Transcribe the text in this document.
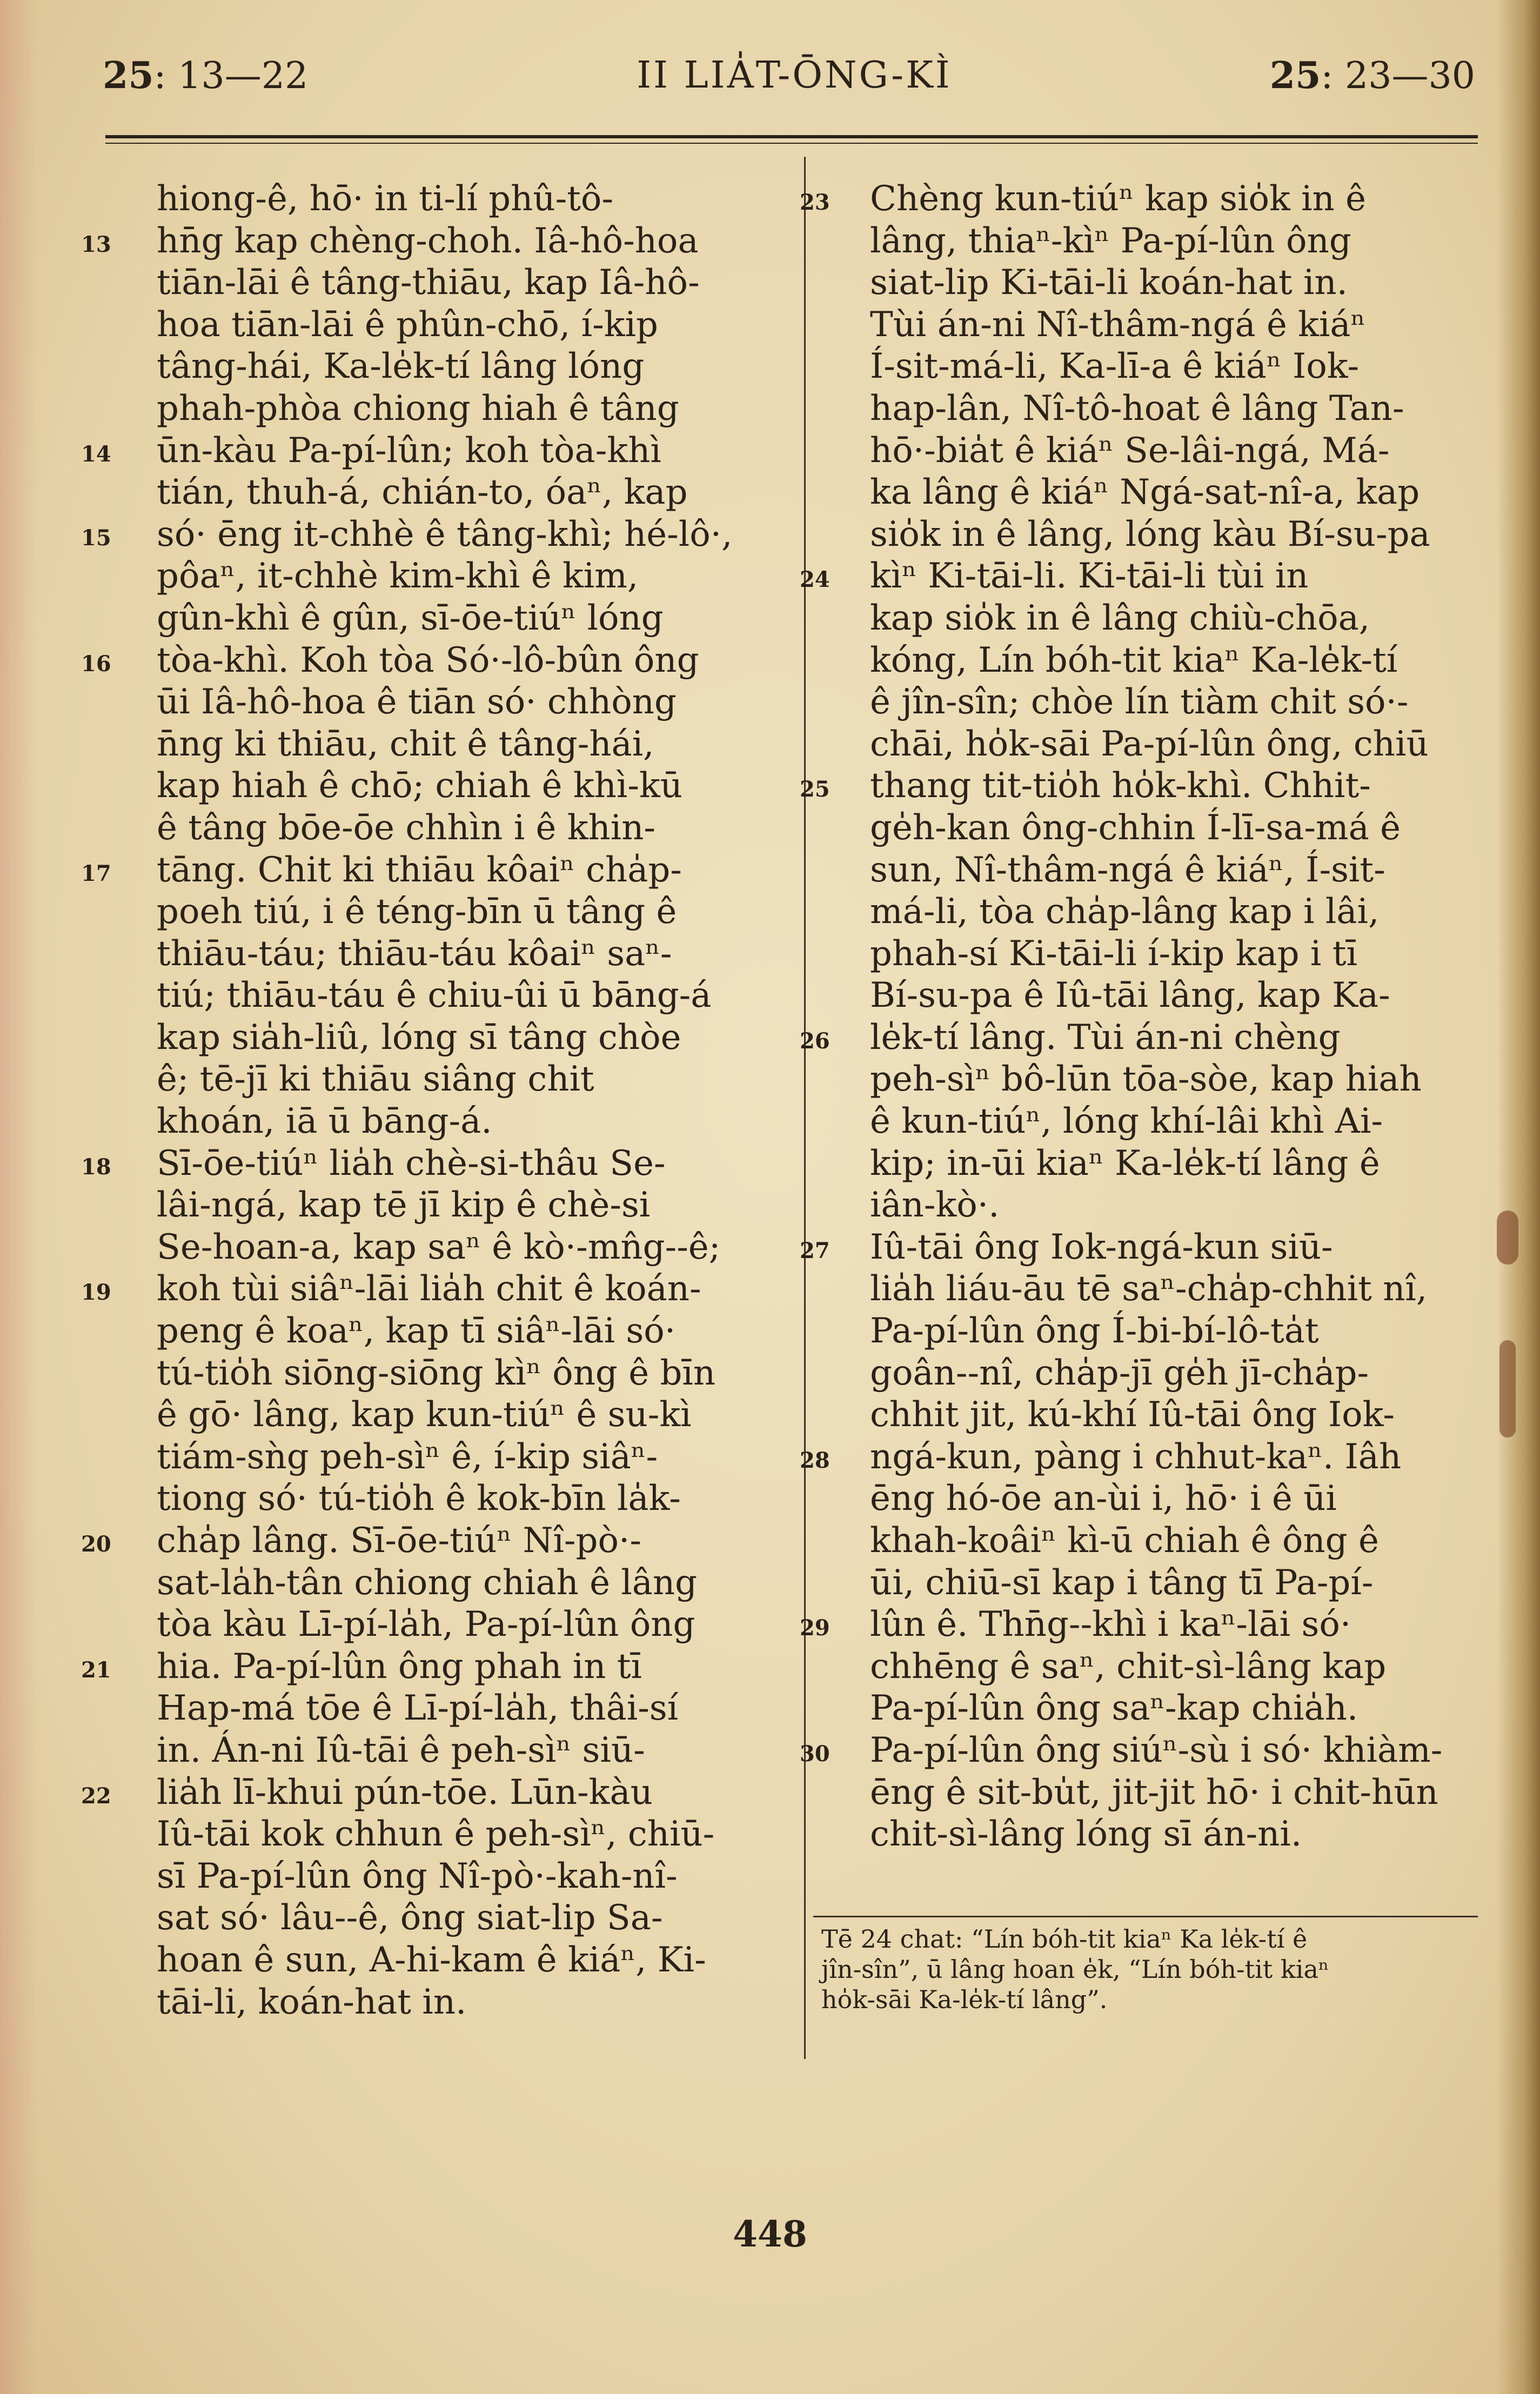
25: 13—22	II LIA̍T-ŌNG-KÌ	25: 23—30
hiong-ê, hō· in ti-lí phû-tô-
13 hn̄g kap chèng-choh. Iâ-hô-hoa
tiān-lāi ê tâng-thiāu, kap Iâ-hô-
hoa tiān-lāi ê phûn-chō, í-kip
tâng-hái, Ka-le̍k-tí lâng lóng
phah-phòa chiong hiah ê tâng
14 ūn-kàu Pa-pí-lûn; koh tòa-khì
tián, thuh-á, chián-to, óaⁿ, kap
15 só· ēng it-chhè ê tâng-khì; hé-lô·,
pôaⁿ, it-chhè kim-khì ê kim,
gûn-khì ê gûn, sī-ōe-tiúⁿ lóng
16 tòa-khì. Koh tòa Só·-lô-bûn ông
ūi Iâ-hô-hoa ê tiān só· chhòng
n̄ng ki thiāu, chit ê tâng-hái,
kap hiah ê chō; chiah ê khì-kū
ê tâng bōe-ōe chhìn i ê khin-
17 tāng. Chit ki thiāu kôaiⁿ cha̍p-
poeh tiú, i ê téng-bīn ū tâng ê
thiāu-táu; thiāu-táu kôaiⁿ saⁿ-
tiú; thiāu-táu ê chiu-ûi ū bāng-á
kap sia̍h-liû, lóng sī tâng chòe
ê; tē-jī ki thiāu siâng chit
khoán, iā ū bāng-á.
18 Sī-ōe-tiúⁿ lia̍h chè-si-thâu Se-
lâi-ngá, kap tē jī kip ê chè-si
Se-hoan-a, kap saⁿ ê kò·-mn̂g--ê;
19 koh tùi siâⁿ-lāi lia̍h chit ê koán-
peng ê koaⁿ, kap tī siâⁿ-lāi só·
tú-tio̍h siōng-siōng kìⁿ ông ê bīn
ê gō· lâng, kap kun-tiúⁿ ê su-kì
tiám-sǹg peh-sìⁿ ê, í-kip siâⁿ-
tiong só· tú-tio̍h ê kok-bīn la̍k-
20 cha̍p lâng. Sī-ōe-tiúⁿ Nî-pò·-
sat-la̍h-tân chiong chiah ê lâng
tòa kàu Lī-pí-la̍h, Pa-pí-lûn ông
21 hia. Pa-pí-lûn ông phah in tī
Hap-má tōe ê Lī-pí-la̍h, thâi-sí
in. Án-ni Iû-tāi ê peh-sìⁿ siū-
22 lia̍h lī-khui pún-tōe. Lūn-kàu
Iû-tāi kok chhun ê peh-sìⁿ, chiū-
sī Pa-pí-lûn ông Nî-pò·-kah-nî-
sat só· lâu--ê, ông siat-lip Sa-
hoan ê sun, A-hi-kam ê kiáⁿ, Ki-
tāi-li, koán-hat in.
23 Chèng kun-tiúⁿ kap sio̍k in ê
lâng, thiaⁿ-kìⁿ Pa-pí-lûn ông
siat-lip Ki-tāi-li koán-hat in.
Tùi án-ni Nî-thâm-ngá ê kiáⁿ
Í-sit-má-li, Ka-lī-a ê kiáⁿ Iok-
hap-lân, Nî-tô-hoat ê lâng Tan-
hō·-bia̍t ê kiáⁿ Se-lâi-ngá, Má-
ka lâng ê kiáⁿ Ngá-sat-nî-a, kap
sio̍k in ê lâng, lóng kàu Bí-su-pa
24 kìⁿ Ki-tāi-li. Ki-tāi-li tùi in
kap sio̍k in ê lâng chiù-chōa,
kóng, Lín bóh-tit kiaⁿ Ka-le̍k-tí
ê jîn-sîn; chòe lín tiàm chit só·-
chāi, ho̍k-sāi Pa-pí-lûn ông, chiū
25 thang tit-tio̍h ho̍k-khì. Chhit-
ge̍h-kan ông-chhin Í-lī-sa-má ê
sun, Nî-thâm-ngá ê kiáⁿ, Í-sit-
má-li, tòa cha̍p-lâng kap i lâi,
phah-sí Ki-tāi-li í-kip kap i tī
Bí-su-pa ê Iû-tāi lâng, kap Ka-
26 le̍k-tí lâng. Tùi án-ni chèng
peh-sìⁿ bô-lūn tōa-sòe, kap hiah
ê kun-tiúⁿ, lóng khí-lâi khì Ai-
kip; in-ūi kiaⁿ Ka-le̍k-tí lâng ê
iân-kò·.
27 Iû-tāi ông Iok-ngá-kun siū-
lia̍h liáu-āu tē saⁿ-cha̍p-chhit nî,
Pa-pí-lûn ông Í-bi-bí-lô-ta̍t
goân--nî, cha̍p-jī ge̍h jī-cha̍p-
chhit jit, kú-khí Iû-tāi ông Iok-
28 ngá-kun, pàng i chhut-kaⁿ. Iâh
ēng hó-ōe an-ùi i, hō· i ê ūi
khah-koâiⁿ kì-ū chiah ê ông ê
ūi, chiū-sī kap i tâng tī Pa-pí-
29 lûn ê. Thn̄g--khì i kaⁿ-lāi só·
chhēng ê saⁿ, chit-sì-lâng kap
Pa-pí-lûn ông saⁿ-kap chia̍h.
30 Pa-pí-lûn ông siúⁿ-sù i só· khiàm-
ēng ê sit-bu̍t, jit-jit hō· i chit-hūn
chit-sì-lâng lóng sī án-ni.
Tē 24 chat: “Lín bóh-tit kiaⁿ Ka le̍k-tí ê
jîn-sîn”, ū lâng hoan e̍k, “Lín bóh-tit kiaⁿ
ho̍k-sāi Ka-le̍k-tí lâng”.
448
